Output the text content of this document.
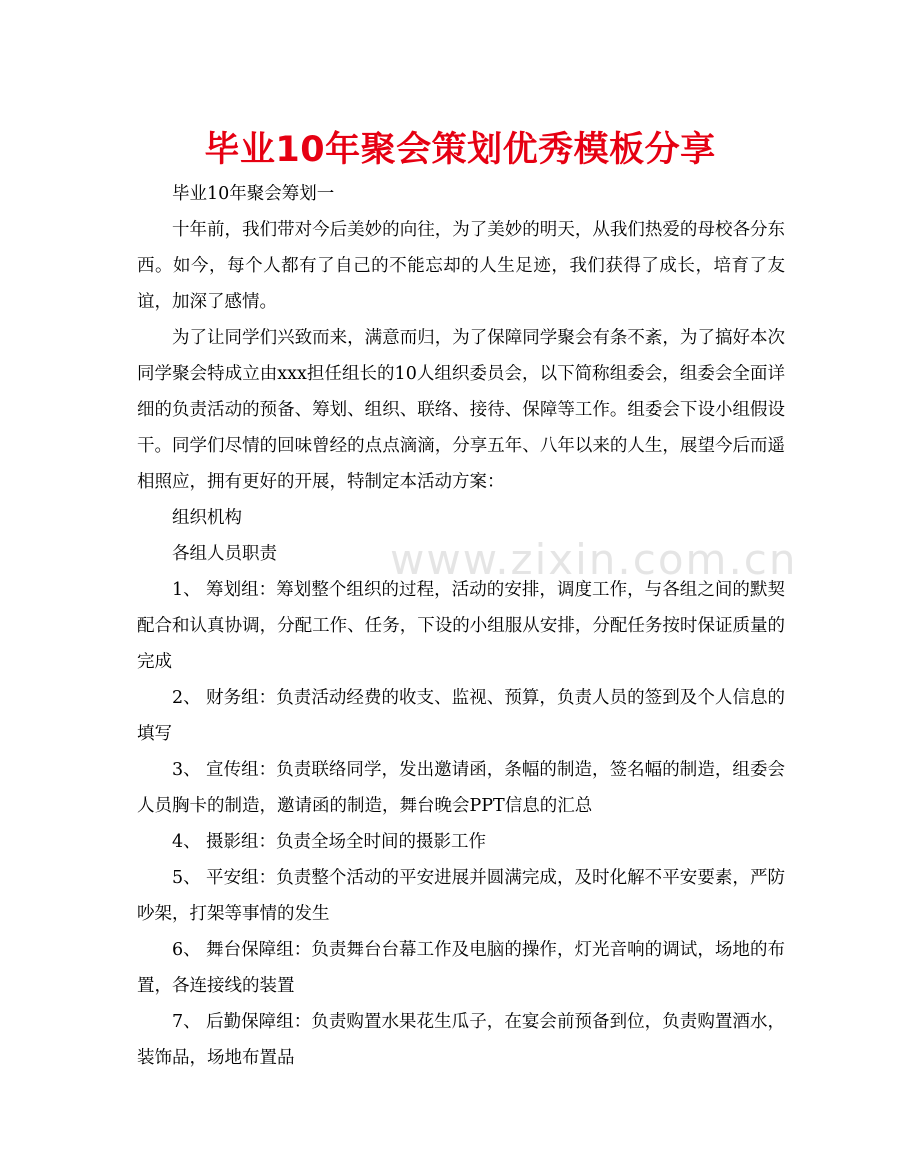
毕业10年聚会策划优秀模板分享

毕业10年聚会筹划一

十年前，我们带对今后美妙的向往，为了美妙的明天，从我们热爱的母校各分东西。如今，每个人都有了自己的不能忘却的人生足迹，我们获得了成长，培育了友谊，加深了感情。

为了让同学们兴致而来，满意而归，为了保障同学聚会有条不紊，为了搞好本次同学聚会特成立由xxx担任组长的10人组织委员会，以下简称组委会，组委会全面详细的负责活动的预备、筹划、组织、联络、接待、保障等工作。组委会下设小组假设干。同学们尽情的回味曾经的点点滴滴，分享五年、八年以来的人生，展望今后而遥相照应，拥有更好的开展，特制定本活动方案：

组织机构

各组人员职责

1、 筹划组：筹划整个组织的过程，活动的安排，调度工作，与各组之间的默契配合和认真协调，分配工作、任务，下设的小组服从安排，分配任务按时保证质量的完成

2、 财务组：负责活动经费的收支、监视、预算，负责人员的签到及个人信息的填写

3、 宣传组：负责联络同学，发出邀请函，条幅的制造，签名幅的制造，组委会人员胸卡的制造，邀请函的制造，舞台晚会PPT信息的汇总

4、 摄影组：负责全场全时间的摄影工作

5、 平安组：负责整个活动的平安进展并圆满完成，及时化解不平安要素，严防吵架，打架等事情的发生

6、 舞台保障组：负责舞台台幕工作及电脑的操作，灯光音响的调试，场地的布置，各连接线的装置

7、 后勤保障组：负责购置水果花生瓜子，在宴会前预备到位，负责购置酒水，装饰品，场地布置品

www.zixin.com.cn
